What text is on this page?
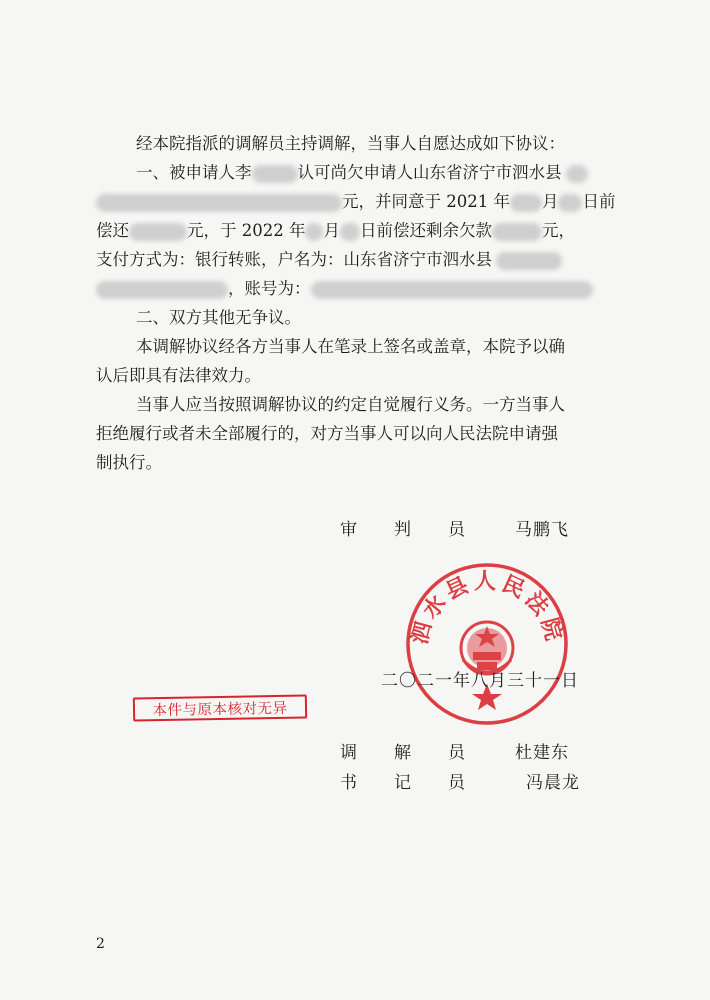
经本院指派的调解员主持调解，当事人自愿达成如下协议：
一、被申请人李	认可尚欠申请人山东省济宁市泗水县
元，并同意于 2021 年 月 日前
偿还	元，于 2022 年 月 日前偿还剩余欠款	元，
支付方式为：银行转账，户名为：山东省济宁市泗水县
，账号为：
二、双方其他无争议。
本调解协议经各方当事人在笔录上签名或盖章，本院予以确
认后即具有法律效力。
当事人应当按照调解协议的约定自觉履行义务。一方当事人
拒绝履行或者未全部履行的，对方当事人可以向人民法院申请强
制执行。
审　　判　　员	马鹏飞
泗水县人民法院
二〇二一年八月三十一日
本件与原本核对无异
调　　解　　员	杜建东
书　　记　　员	冯晨龙
2
